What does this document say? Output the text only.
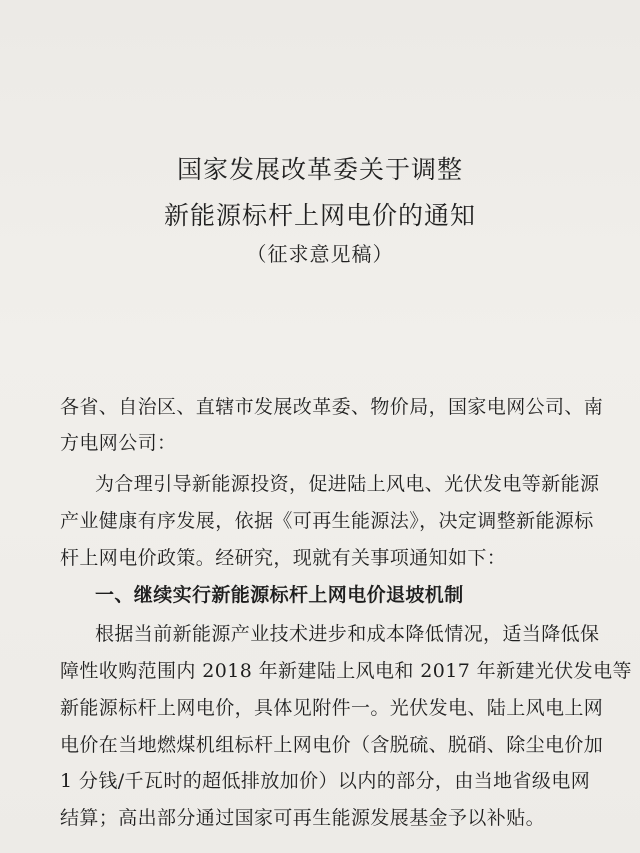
国家发展改革委关于调整
新能源标杆上网电价的通知
（征求意见稿）
各省、自治区、直辖市发展改革委、物价局，国家电网公司、南
方电网公司：
为合理引导新能源投资，促进陆上风电、光伏发电等新能源
产业健康有序发展，依据《可再生能源法》，决定调整新能源标
杆上网电价政策。经研究，现就有关事项通知如下：
一、继续实行新能源标杆上网电价退坡机制
根据当前新能源产业技术进步和成本降低情况，适当降低保
障性收购范围内 2018 年新建陆上风电和 2017 年新建光伏发电等
新能源标杆上网电价，具体见附件一。光伏发电、陆上风电上网
电价在当地燃煤机组标杆上网电价（含脱硫、脱硝、除尘电价加
1 分钱/千瓦时的超低排放加价）以内的部分，由当地省级电网
结算；高出部分通过国家可再生能源发展基金予以补贴。
